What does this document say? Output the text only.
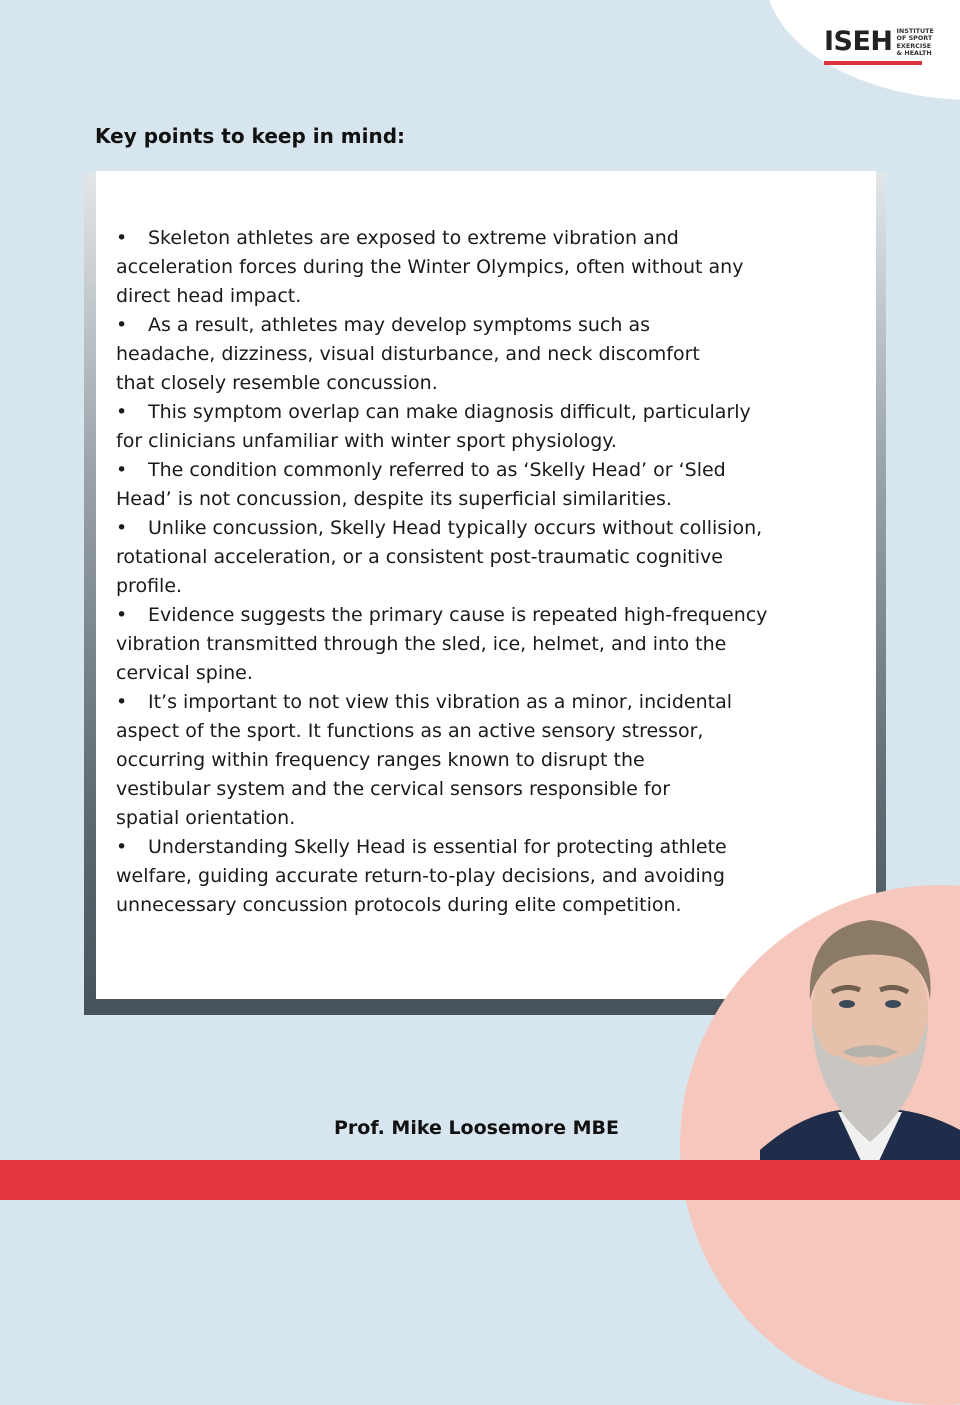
ISEH INSTITUTE
OF SPORT
EXERCISE
& HEALTH
Key points to keep in mind:
• Skeleton athletes are exposed to extreme vibration and
acceleration forces during the Winter Olympics, often without any
direct head impact.
• As a result, athletes may develop symptoms such as
headache, dizziness, visual disturbance, and neck discomfort
that closely resemble concussion.
• This symptom overlap can make diagnosis difficult, particularly
for clinicians unfamiliar with winter sport physiology.
• The condition commonly referred to as ‘Skelly Head’ or ‘Sled
Head’ is not concussion, despite its superficial similarities.
• Unlike concussion, Skelly Head typically occurs without collision,
rotational acceleration, or a consistent post-traumatic cognitive
profile.
• Evidence suggests the primary cause is repeated high-frequency
vibration transmitted through the sled, ice, helmet, and into the
cervical spine.
• It’s important to not view this vibration as a minor, incidental
aspect of the sport. It functions as an active sensory stressor,
occurring within frequency ranges known to disrupt the
vestibular system and the cervical sensors responsible for
spatial orientation.
• Understanding Skelly Head is essential for protecting athlete
welfare, guiding accurate return-to-play decisions, and avoiding
unnecessary concussion protocols during elite competition.

Prof. Mike Loosemore MBE
